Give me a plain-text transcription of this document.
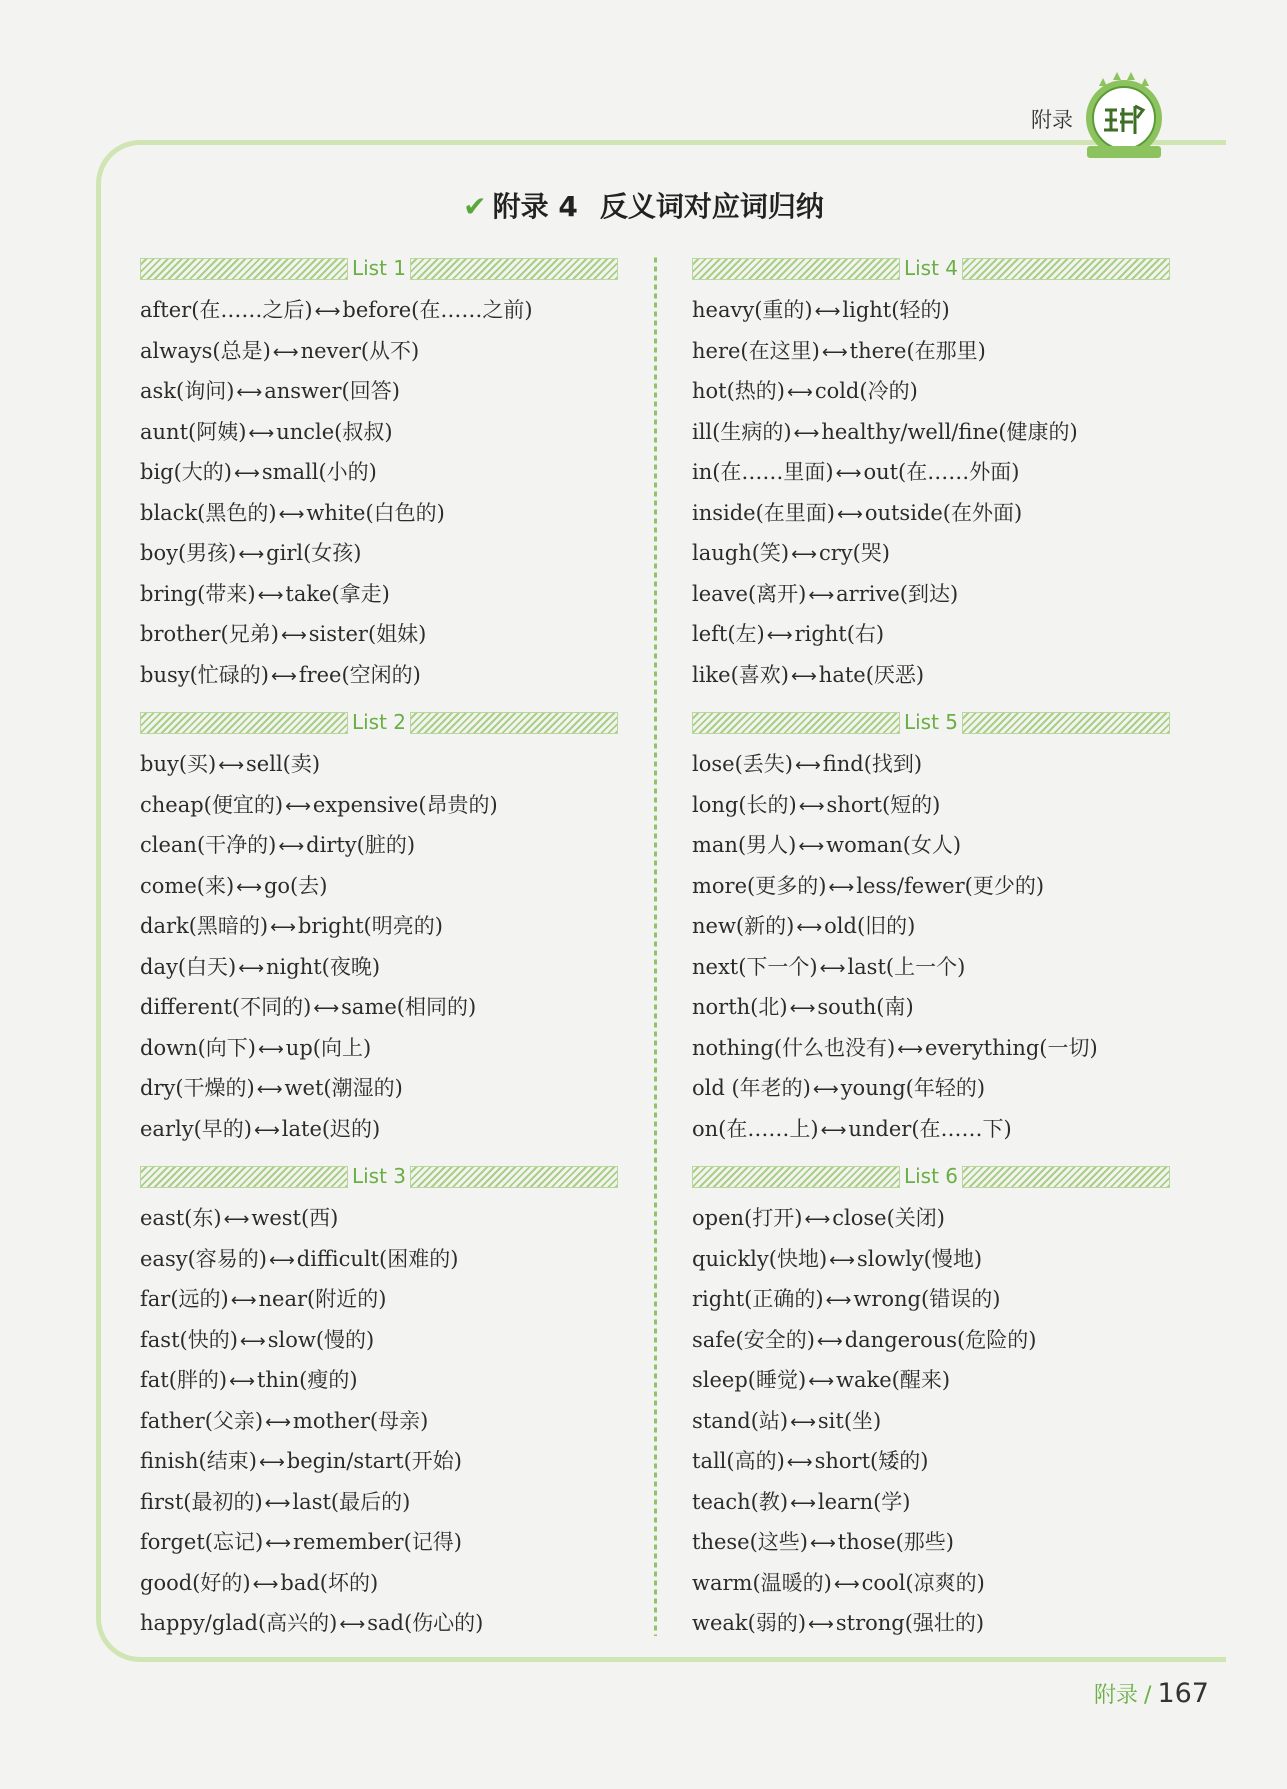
附录
✔ 附录 4 反义词对应词归纳
List 1
after(在……之后) ⟷before(在……之前)
always(总是) ⟷never(从不)
ask(询问) ⟷answer(回答)
aunt(阿姨) ⟷uncle(叔叔)
big(大的) ⟷small(小的)
black(黑色的) ⟷white(白色的)
boy(男孩) ⟷girl(女孩)
bring(带来) ⟷take(拿走)
brother(兄弟) ⟷sister(姐妹)
busy(忙碌的) ⟷free(空闲的)
List 2
buy(买) ⟷sell(卖)
cheap(便宜的) ⟷expensive(昂贵的)
clean(干净的) ⟷dirty(脏的)
come(来) ⟷go(去)
dark(黑暗的) ⟷bright(明亮的)
day(白天) ⟷night(夜晚)
different(不同的) ⟷same(相同的)
down(向下) ⟷up(向上)
dry(干燥的) ⟷wet(潮湿的)
early(早的) ⟷late(迟的)
List 3
east(东) ⟷west(西)
easy(容易的) ⟷difficult(困难的)
far(远的) ⟷near(附近的)
fast(快的) ⟷slow(慢的)
fat(胖的) ⟷thin(瘦的)
father(父亲) ⟷mother(母亲)
finish(结束) ⟷begin/start(开始)
first(最初的) ⟷last(最后的)
forget(忘记) ⟷remember(记得)
good(好的) ⟷bad(坏的)
happy/glad(高兴的) ⟷sad(伤心的)
List 4
heavy(重的) ⟷light(轻的)
here(在这里) ⟷there(在那里)
hot(热的) ⟷cold(冷的)
ill(生病的) ⟷healthy/well/fine(健康的)
in(在……里面) ⟷out(在……外面)
inside(在里面) ⟷outside(在外面)
laugh(笑) ⟷cry(哭)
leave(离开) ⟷arrive(到达)
left(左) ⟷right(右)
like(喜欢) ⟷hate(厌恶)
List 5
lose(丢失) ⟷find(找到)
long(长的) ⟷short(短的)
man(男人) ⟷woman(女人)
more(更多的) ⟷less/fewer(更少的)
new(新的) ⟷old(旧的)
next(下一个) ⟷last(上一个)
north(北) ⟷south(南)
nothing(什么也没有) ⟷everything(一切)
old (年老的) ⟷young(年轻的)
on(在……上) ⟷under(在……下)
List 6
open(打开) ⟷close(关闭)
quickly(快地) ⟷slowly(慢地)
right(正确的) ⟷wrong(错误的)
safe(安全的) ⟷dangerous(危险的)
sleep(睡觉) ⟷wake(醒来)
stand(站) ⟷sit(坐)
tall(高的) ⟷short(矮的)
teach(教) ⟷learn(学)
these(这些) ⟷those(那些)
warm(温暖的) ⟷cool(凉爽的)
weak(弱的) ⟷strong(强壮的)
附录 / 167
